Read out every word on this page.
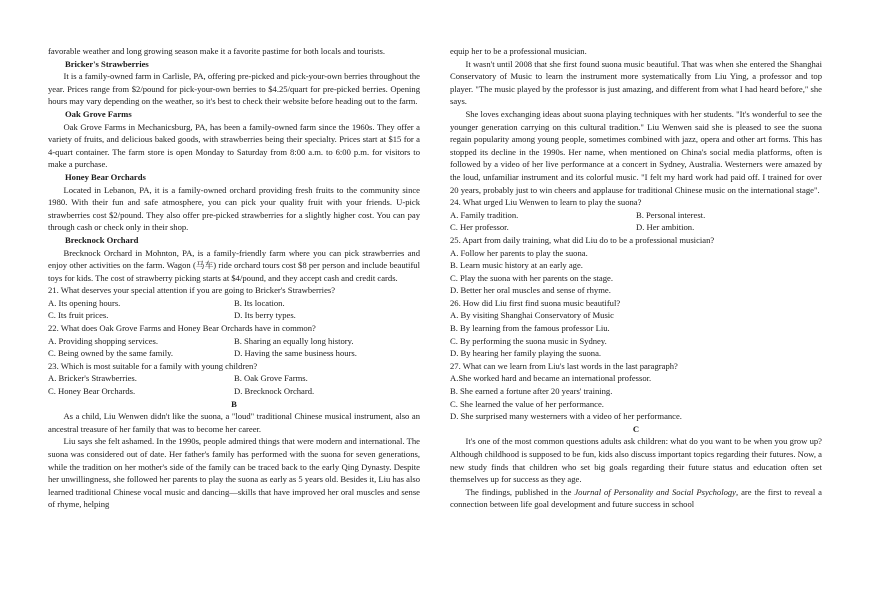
favorable weather and long growing season make it a favorite pastime for both locals and tourists.

Bricker's Strawberries

It is a family-owned farm in Carlisle, PA, offering pre-picked and pick-your-own berries throughout the year. Prices range from $2/pound for pick-your-own berries to $4.25/quart for pre-picked berries. Opening hours may vary depending on the weather, so it's best to check their website before heading out to the farm.

Oak Grove Farms

Oak Grove Farms in Mechanicsburg, PA, has been a family-owned farm since the 1960s. They offer a variety of fruits, and delicious baked goods, with strawberries being their specialty. Prices start at $15 for a 4-quart container. The farm store is open Monday to Saturday from 8:00 a.m. to 6:00 p.m. for visitors to make a purchase.

Honey Bear Orchards

Located in Lebanon, PA, it is a family-owned orchard providing fresh fruits to the community since 1980. With their fun and safe atmosphere, you can pick your quality fruit with your friends. U-pick strawberries cost $2/pound. They also offer pre-picked strawberries for a slightly higher cost. You can pay through cash or check only in their shop.

Brecknock Orchard

Brecknock Orchard in Mohnton, PA, is a family-friendly farm where you can pick strawberries and enjoy other activities on the farm. Wagon (马车) ride orchard tours cost $8 per person and include beautiful toys for kids. The cost of strawberry picking starts at $4/pound, and they accept cash and credit cards.

21. What deserves your special attention if you are going to Bricker's Strawberries?

A. Its opening hours.	B. Its location.
C. Its fruit prices.	D. Its berry types.

22. What does Oak Grove Farms and Honey Bear Orchards have in common?

A. Providing shopping services.	B. Sharing an equally long history.
C. Being owned by the same family.	D. Having the same business hours.

23. Which is most suitable for a family with young children?

A. Bricker's Strawberries.	B. Oak Grove Farms.
C. Honey Bear Orchards.	D. Brecknock Orchard.

B

As a child, Liu Wenwen didn't like the suona, a "loud" traditional Chinese musical instrument, also an ancestral treasure of her family that was to become her career.

Liu says she felt ashamed. In the 1990s, people admired things that were modern and international. The suona was considered out of date. Her father's family has performed with the suona for seven generations, while the tradition on her mother's side of the family can be traced back to the early Qing Dynasty. Despite her unwillingness, she followed her parents to play the suona as early as 5 years old. Besides it, Liu has also learned traditional Chinese vocal music and dancing—skills that have improved her oral muscles and sense of rhyme, helping

equip her to be a professional musician.

It wasn't until 2008 that she first found suona music beautiful. That was when she entered the Shanghai Conservatory of Music to learn the instrument more systematically from Liu Ying, a professor and top player. "The music played by the professor is just amazing, and different from what I had heard before," she says.

She loves exchanging ideas about suona playing techniques with her students. "It's wonderful to see the younger generation carrying on this cultural tradition." Liu Wenwen said she is pleased to see the suona regain popularity among young people, sometimes combined with jazz, opera and other art forms. This has stopped its decline in the 1990s. Her name, when mentioned on China's social media platforms, often is followed by a video of her live performance at a concert in Sydney, Australia. Westerners were amazed by the loud, unfamiliar instrument and its colorful music. "I felt my hard work had paid off. I trained for over 20 years, probably just to win cheers and applause for traditional Chinese music on the international stage".

24. What urged Liu Wenwen to learn to play the suona?

A. Family tradition.	B. Personal interest.
C. Her professor.	D. Her ambition.

25. Apart from daily training, what did Liu do to be a professional musician?

A. Follow her parents to play the suona.

B. Learn music history at an early age.

C. Play the suona with her parents on the stage.

D. Better her oral muscles and sense of rhyme.

26. How did Liu first find suona music beautiful?

A. By visiting Shanghai Conservatory of Music

B. By learning from the famous professor Liu.

C. By performing the suona music in Sydney.

D. By hearing her family playing the suona.

27. What can we learn from Liu's last words in the last paragraph?

A.She worked hard and became an international professor.

B. She earned a fortune after 20 years' training.

C. She learned the value of her performance.

D. She surprised many westerners with a video of her performance.

C

It's one of the most common questions adults ask children: what do you want to be when you grow up? Although childhood is supposed to be fun, kids also discuss important topics regarding their futures. Now, a new study finds that children who set big goals regarding their future status and education often set themselves up for success as they age.

The findings, published in the Journal of Personality and Social Psychology, are the first to reveal a connection between life goal development and future success in school
